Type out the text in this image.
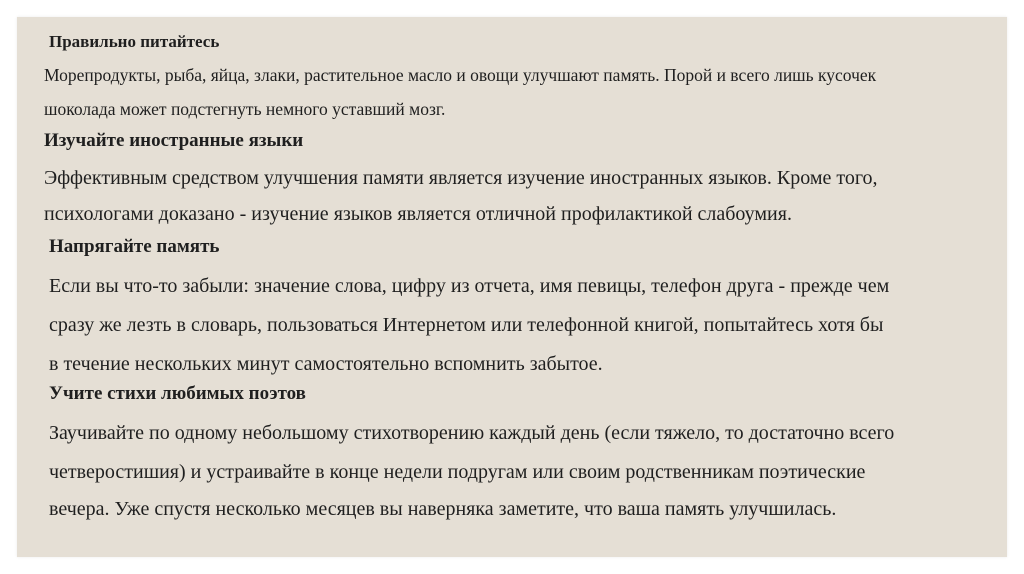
Правильно питайтесь
Морепродукты, рыба, яйца, злаки, растительное масло и овощи улучшают память. Порой и всего лишь кусочек
шоколада может подстегнуть немного уставший мозг.
Изучайте иностранные языки
Эффективным средством улучшения памяти является изучение иностранных языков. Кроме того,
психологами доказано - изучение языков является отличной профилактикой слабоумия.
Напрягайте память
Если вы что-то забыли: значение слова, цифру из отчета, имя певицы, телефон друга - прежде чем
сразу же лезть в словарь, пользоваться Интернетом или телефонной книгой, попытайтесь хотя бы
в течение нескольких минут самостоятельно вспомнить забытое.
Учите стихи любимых поэтов
Заучивайте по одному небольшому стихотворению каждый день (если тяжело, то достаточно всего
четверостишия) и устраивайте в конце недели подругам или своим родственникам поэтические
вечера. Уже спустя несколько месяцев вы наверняка заметите, что ваша память улучшилась.
